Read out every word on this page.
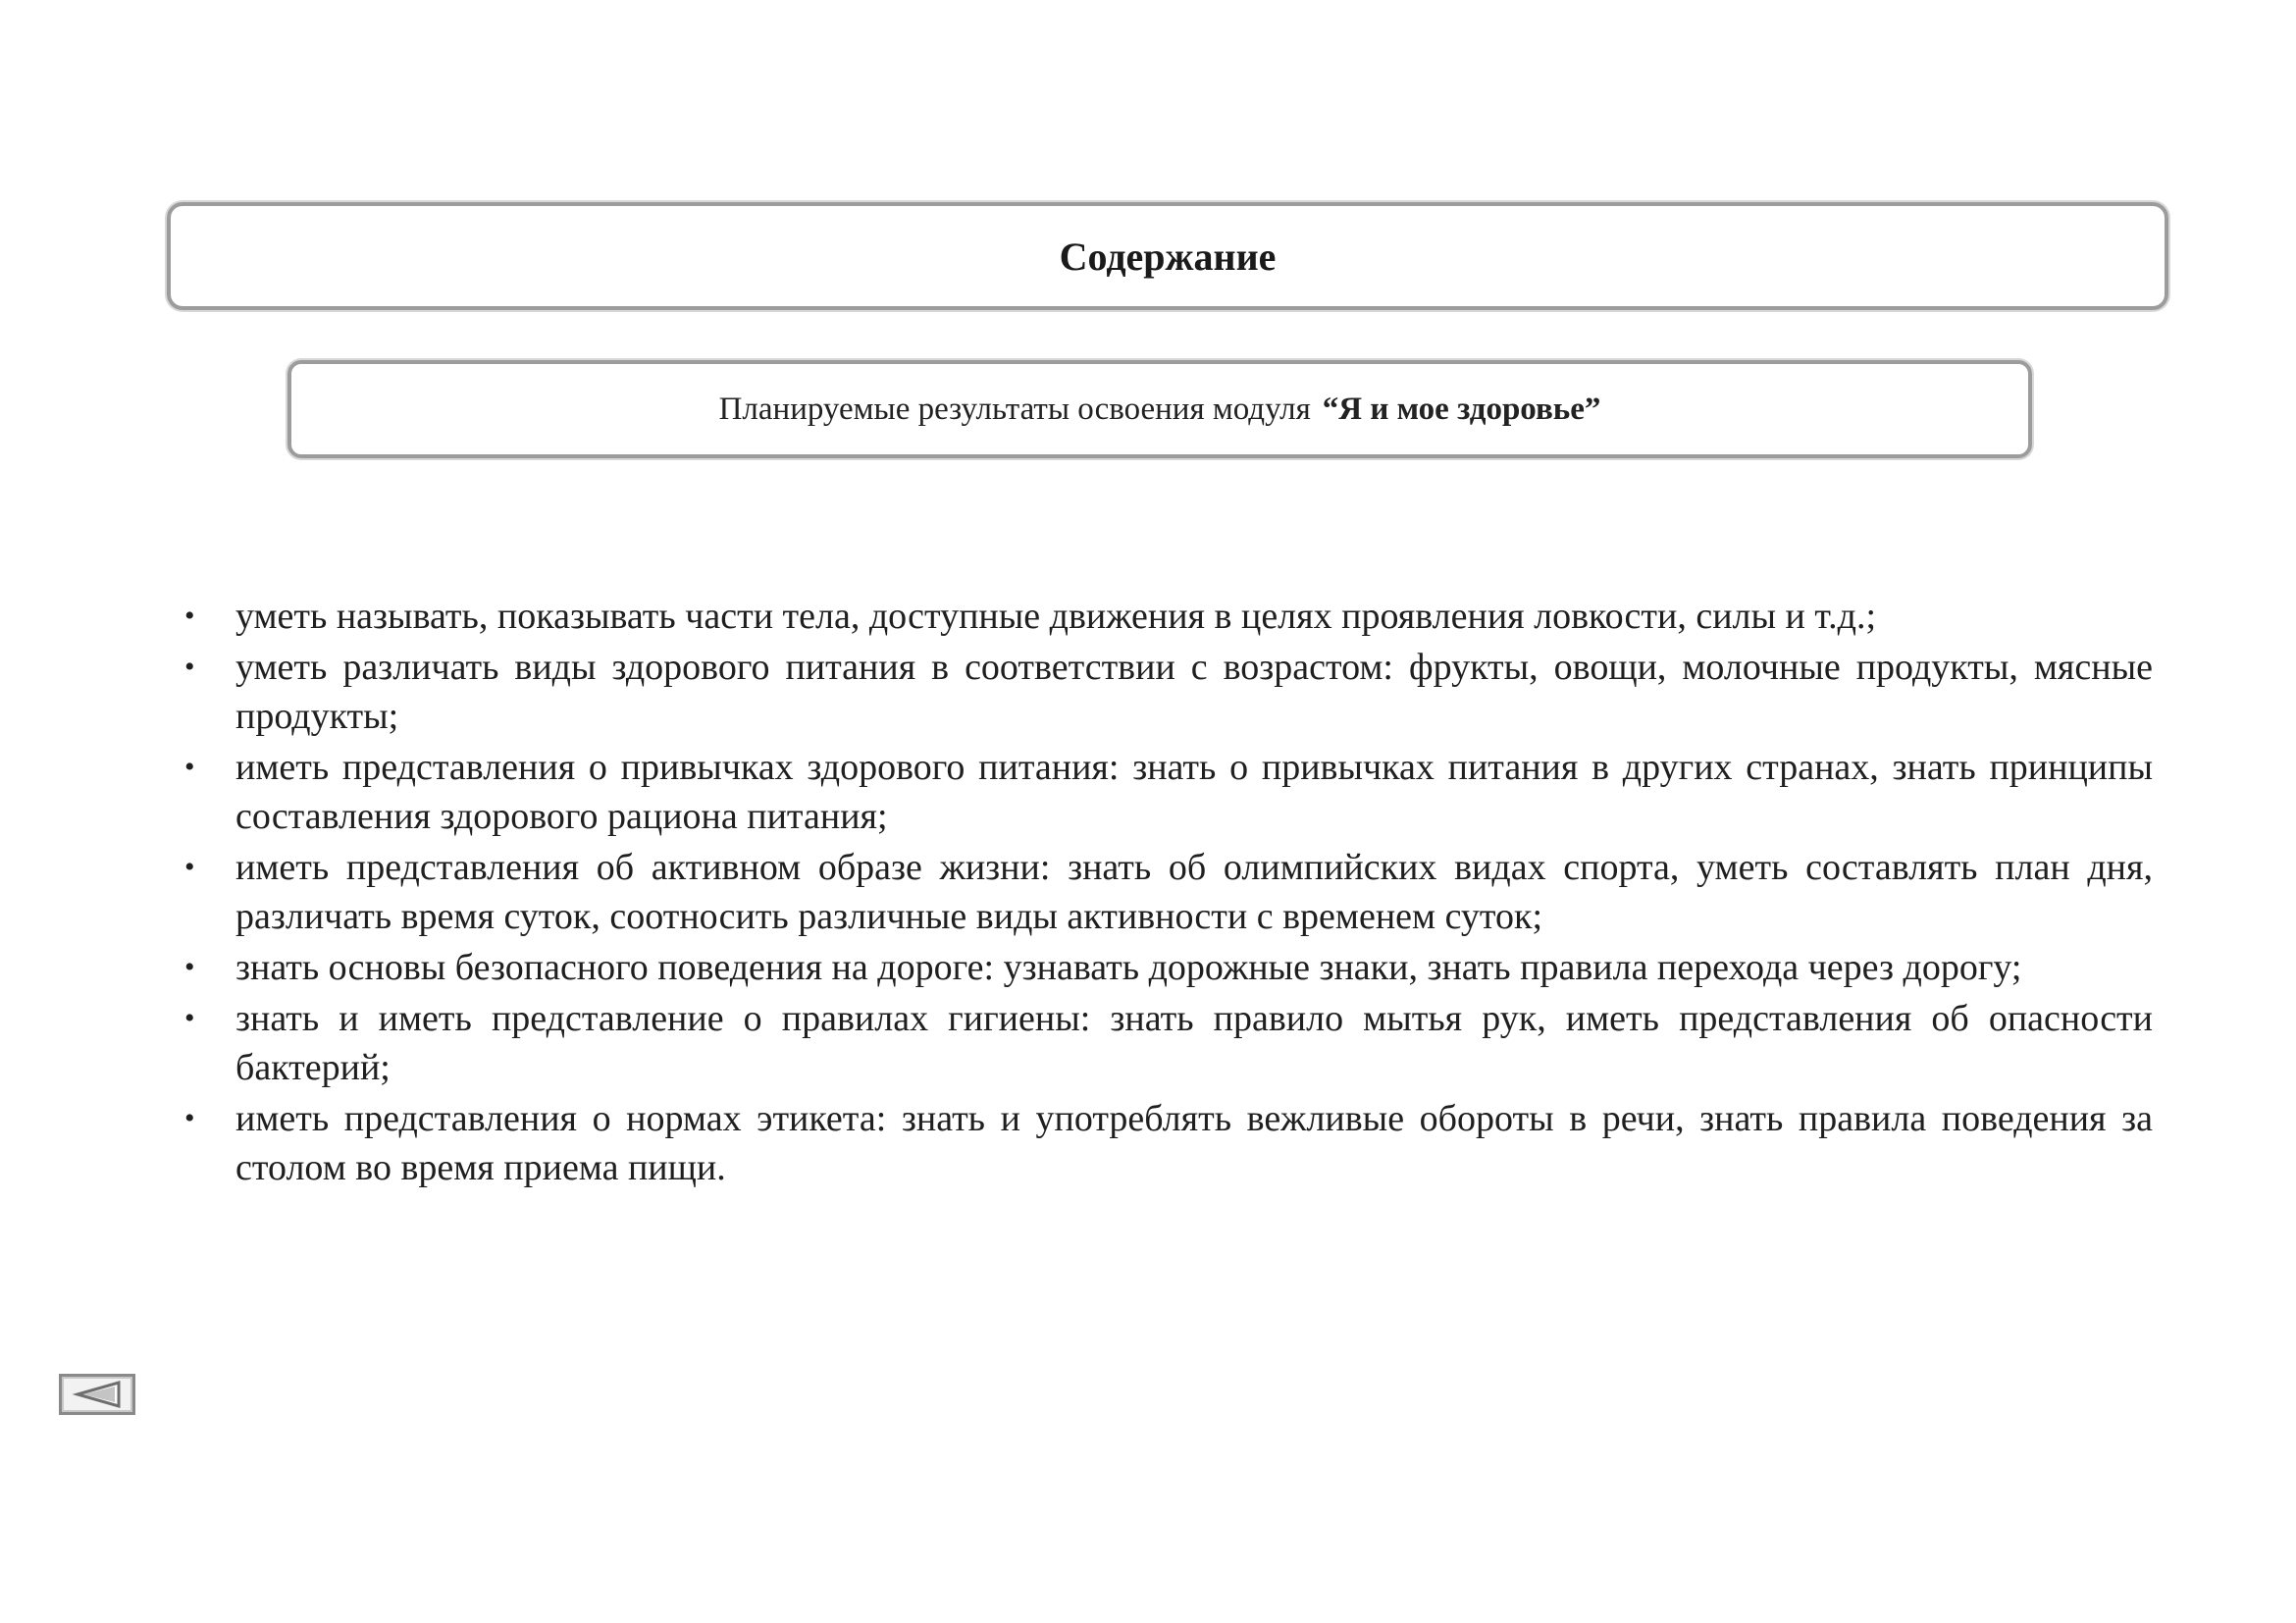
Содержание
Планируемые результаты освоения модуля “Я и мое здоровье”
• уметь называть, показывать части тела, доступные движения в целях проявления ловкости, силы и т.д.;
• уметь различать виды здорового питания в соответствии с возрастом: фрукты, овощи, молочные продукты, мясные продукты;
• иметь представления о привычках здорового питания: знать о привычках питания в других странах, знать принципы составления здорового рациона питания;
• иметь представления об активном образе жизни: знать об олимпийских видах спорта, уметь составлять план дня, различать время суток, соотносить различные виды активности с временем суток;
• знать основы безопасного поведения на дороге: узнавать дорожные знаки, знать правила перехода через дорогу;
• знать и иметь представление о правилах гигиены: знать правило мытья рук, иметь представления об опасности бактерий;
• иметь представления о нормах этикета: знать и употреблять вежливые обороты в речи, знать правила поведения за столом во время приема пищи.
